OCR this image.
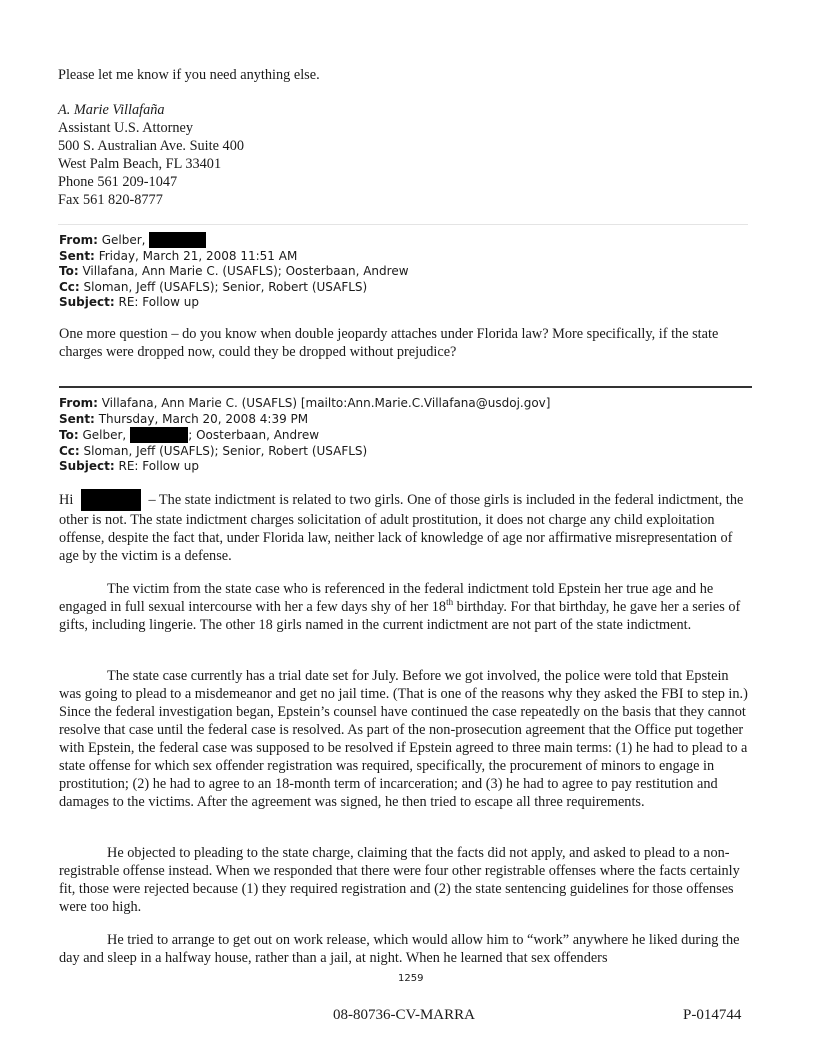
Please let me know if you need anything else.
A. Marie Villafaña
Assistant U.S. Attorney
500 S. Australian Ave. Suite 400
West Palm Beach, FL 33401
Phone 561 209-1047
Fax 561 820-8777
From: Gelber,
Sent: Friday, March 21, 2008 11:51 AM
To: Villafana, Ann Marie C. (USAFLS); Oosterbaan, Andrew
Cc: Sloman, Jeff (USAFLS); Senior, Robert (USAFLS)
Subject: RE: Follow up
One more question – do you know when double jeopardy attaches under Florida law? More specifically, if the state charges were dropped now, could they be dropped without prejudice?
From: Villafana, Ann Marie C. (USAFLS) [mailto:Ann.Marie.C.Villafana@usdoj.gov]
Sent: Thursday, March 20, 2008 4:39 PM
To: Gelber,	; Oosterbaan, Andrew
Cc: Sloman, Jeff (USAFLS); Senior, Robert (USAFLS)
Subject: RE: Follow up
Hi	– The state indictment is related to two girls. One of those girls is included in the federal indictment, the other is not. The state indictment charges solicitation of adult prostitution, it does not charge any child exploitation offense, despite the fact that, under Florida law, neither lack of knowledge of age nor affirmative misrepresentation of age by the victim is a defense.
The victim from the state case who is referenced in the federal indictment told Epstein her true age and he engaged in full sexual intercourse with her a few days shy of her 18th birthday. For that birthday, he gave her a series of gifts, including lingerie. The other 18 girls named in the current indictment are not part of the state indictment.
The state case currently has a trial date set for July. Before we got involved, the police were told that Epstein was going to plead to a misdemeanor and get no jail time. (That is one of the reasons why they asked the FBI to step in.) Since the federal investigation began, Epstein’s counsel have continued the case repeatedly on the basis that they cannot resolve that case until the federal case is resolved. As part of the non-prosecution agreement that the Office put together with Epstein, the federal case was supposed to be resolved if Epstein agreed to three main terms: (1) he had to plead to a state offense for which sex offender registration was required, specifically, the procurement of minors to engage in prostitution; (2) he had to agree to an 18-month term of incarceration; and (3) he had to agree to pay restitution and damages to the victims. After the agreement was signed, he then tried to escape all three requirements.
He objected to pleading to the state charge, claiming that the facts did not apply, and asked to plead to a non-registrable offense instead. When we responded that there were four other registrable offenses where the facts certainly fit, those were rejected because (1) they required registration and (2) the state sentencing guidelines for those offenses were too high.
He tried to arrange to get out on work release, which would allow him to “work” anywhere he liked during the day and sleep in a halfway house, rather than a jail, at night. When he learned that sex offenders
1259
08-80736-CV-MARRA	P-014744
